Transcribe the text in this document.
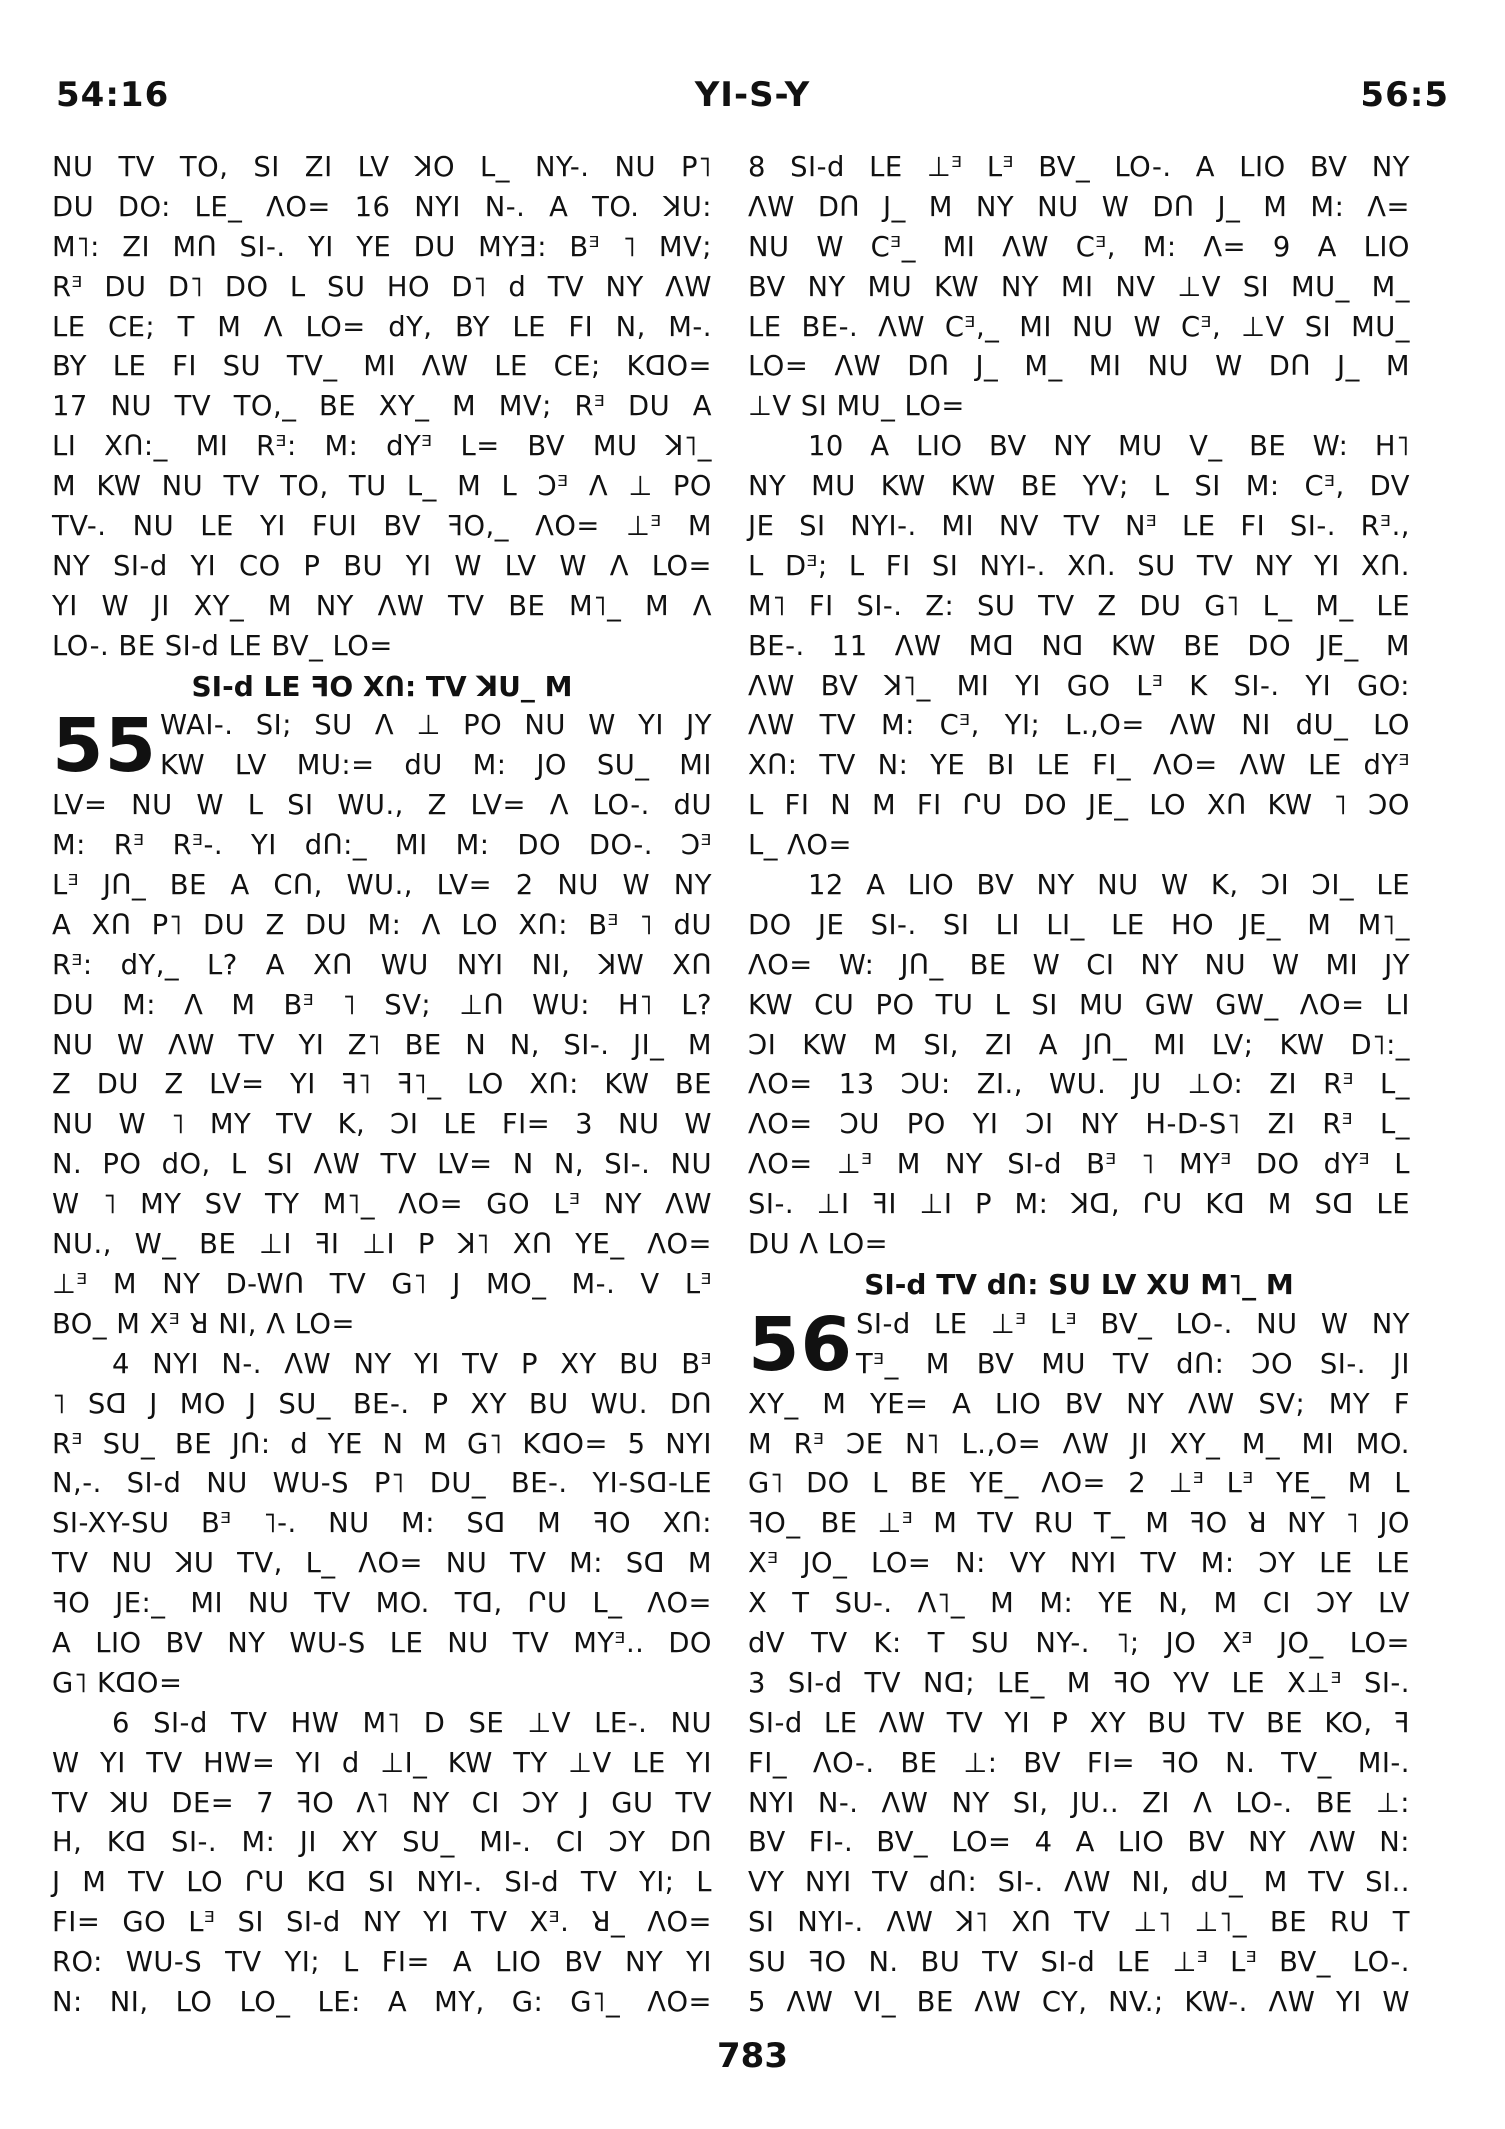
54:16	YI-S-Y	56:5
NU TV TO, SI ZI LV ꓘO L_ NY-. NU P˥
DU DO: LE_ ΛO= 16 NYI N-. A TO. ꓘU:
M˥: ZI MՈ SI-. YI YE DU MYƎ: Bᴲ ˥ MV;
Rᴲ DU D˥ DO L SU HO D˥ d TV NY ΛW
LE CE; T M Λ LO= dY, BY LE FI N, M-.
BY LE FI SU TV_ MI ΛW LE CE; KꓷO=
17 NU TV TO,_ BE XY_ M MV; Rᴲ DU A
LI XՈ:_ MI Rᴲ: M: dYᴲ L= BV MU ꓘ˥_
M KW NU TV TO, TU L_ M L ꓛᴲ Λ ⊥ PO
TV-. NU LE YI FUI BV ꟻO,_ ΛO= ⊥ᴲ M
NY SI-d YI CO P BU YI W LV W Λ LO=
YI W JI XY_ M NY ΛW TV BE M˥_ M Λ
LO-. BE SI-d LE BV_ LO=
SI-d LE ꟻO XՈ: TV ꓘU_ M
55 WAI-. SI; SU Λ ⊥ PO NU W YI JY
KW LV MU:= dU M: JO SU_ MI
LV= NU W L SI WU., Z LV= Λ LO-. dU
M: Rᴲ Rᴲ-. YI dՈ:_ MI M: DO DO-. ꓛᴲ
Lᴲ JՈ_ BE A CՈ, WU., LV= 2 NU W NY
A XՈ P˥ DU Z DU M: Λ LO XՈ: Bᴲ ˥ dU
Rᴲ: dY,_ L? A XՈ WU NYI NI, ꓘW XՈ
DU M: Λ M Bᴲ ˥ SV; ⊥Ո WU: H˥ L?
NU W ΛW TV YI Z˥ BE N N, SI-. JI_ M
Z DU Z LV= YI ꟻ˥ ꟻ˥_ LO XՈ: KW BE
NU W ˥ MY TV K, ꓛI LE FI= 3 NU W
N. PO dO, L SI ΛW TV LV= N N, SI-. NU
W ˥ MY SV TY M˥_ ΛO= GO Lᴲ NY ΛW
NU., W_ BE ⊥I ꟻI ⊥I P ꓘ˥ XՈ YE_ ΛO=
⊥ᴲ M NY D-WՈ TV G˥ J MO_ M-. V Lᴲ
BO_ M Xᴲ ꓤ NI, Λ LO=
4 NYI N-. ΛW NY YI TV P XY BU Bᴲ
˥ Sꓷ J MO J SU_ BE-. P XY BU WU. DՈ
Rᴲ SU_ BE JՈ: d YE N M G˥ KꓷO= 5 NYI
N,-. SI-d NU WU-S P˥ DU_ BE-. YI-Sꓷ-LE
SI-XY-SU Bᴲ ˥-. NU M: Sꓷ M ꟻO XՈ:
TV NU ꓘU TV, L_ ΛO= NU TV M: Sꓷ M
ꟻO JE:_ MI NU TV MO. Tꓷ, ՐU L_ ΛO=
A LIO BV NY WU-S LE NU TV MYᴲ.. DO
G˥ KꓷO=
6 SI-d TV HW M˥ D SE ⊥V LE-. NU
W YI TV HW= YI d ⊥I_ KW TY ⊥V LE YI
TV ꓘU DE= 7 ꟻO Λ˥ NY CI ꓛY J GU TV
H, Kꓷ SI-. M: JI XY SU_ MI-. CI ꓛY DՈ
J M TV LO ՐU Kꓷ SI NYI-. SI-d TV YI; L
FI= GO Lᴲ SI SI-d NY YI TV Xᴲ. ꓤ_ ΛO=
RO: WU-S TV YI; L FI= A LIO BV NY YI
N: NI, LO LO_ LE: A MY, G: G˥_ ΛO=
8 SI-d LE ⊥ᴲ Lᴲ BV_ LO-. A LIO BV NY
ΛW DՈ J_ M NY NU W DՈ J_ M M: Λ=
NU W Cᴲ_ MI ΛW Cᴲ, M: Λ= 9 A LIO
BV NY MU KW NY MI NV ⊥V SI MU_ M_
LE BE-. ΛW Cᴲ,_ MI NU W Cᴲ, ⊥V SI MU_
LO= ΛW DՈ J_ M_ MI NU W DՈ J_ M
⊥V SI MU_ LO=
10 A LIO BV NY MU V_ BE W: H˥
NY MU KW KW BE YV; L SI M: Cᴲ, DV
JE SI NYI-. MI NV TV Nᴲ LE FI SI-. Rᴲ.,
L Dᴲ; L FI SI NYI-. XՈ. SU TV NY YI XՈ.
M˥ FI SI-. Z: SU TV Z DU G˥ L_ M_ LE
BE-. 11 ΛW Mꓷ Nꓷ KW BE DO JE_ M
ΛW BV ꓘ˥_ MI YI GO Lᴲ K SI-. YI GO:
ΛW TV M: Cᴲ, YI; L.,O= ΛW NI dU_ LO
XՈ: TV N: YE BI LE FI_ ΛO= ΛW LE dYᴲ
L FI N M FI ՐU DO JE_ LO XՈ KW ˥ ꓛO
L_ ΛO=
12 A LIO BV NY NU W K, ꓛI ꓛI_ LE
DO JE SI-. SI LI LI_ LE HO JE_ M M˥_
ΛO= W: JՈ_ BE W CI NY NU W MI JY
KW CU PO TU L SI MU GW GW_ ΛO= LI
ꓛI KW M SI, ZI A JՈ_ MI LV; KW D˥:_
ΛO= 13 ꓛU: ZI., WU. JU ⊥O: ZI Rᴲ L_
ΛO= ꓛU PO YI ꓛI NY H-D-S˥ ZI Rᴲ L_
ΛO= ⊥ᴲ M NY SI-d Bᴲ ˥ MYᴲ DO dYᴲ L
SI-. ⊥I ꟻI ⊥I P M: ꓘꓷ, ՐU Kꓷ M Sꓷ LE
DU Λ LO=
SI-d TV dՈ: SU LV XU M˥_ M
56 SI-d LE ⊥ᴲ Lᴲ BV_ LO-. NU W NY
Tᴲ_ M BV MU TV dՈ: ꓛO SI-. JI
XY_ M YE= A LIO BV NY ΛW SV; MY F
M Rᴲ ꓛE N˥ L.,O= ΛW JI XY_ M_ MI MO.
G˥ DO L BE YE_ ΛO= 2 ⊥ᴲ Lᴲ YE_ M L
ꟻO_ BE ⊥ᴲ M TV RU T_ M ꟻO ꓤ NY ˥ JO
Xᴲ JO_ LO= N: VY NYI TV M: ꓛY LE LE
X T SU-. Λ˥_ M M: YE N, M CI ꓛY LV
dV TV K: T SU NY-. ˥; JO Xᴲ JO_ LO=
3 SI-d TV Nꓷ; LE_ M ꟻO YV LE X⊥ᴲ SI-.
SI-d LE ΛW TV YI P XY BU TV BE KO, ꟻ
FI_ ΛO-. BE ⊥: BV FI= ꟻO N. TV_ MI-.
NYI N-. ΛW NY SI, JU.. ZI Λ LO-. BE ⊥:
BV FI-. BV_ LO= 4 A LIO BV NY ΛW N:
VY NYI TV dՈ: SI-. ΛW NI, dU_ M TV SI..
SI NYI-. ΛW ꓘ˥ XՈ TV ⊥˥ ⊥˥_ BE RU T
SU ꟻO N. BU TV SI-d LE ⊥ᴲ Lᴲ BV_ LO-.
5 ΛW VI_ BE ΛW CY, NV.; KW-. ΛW YI W
783
